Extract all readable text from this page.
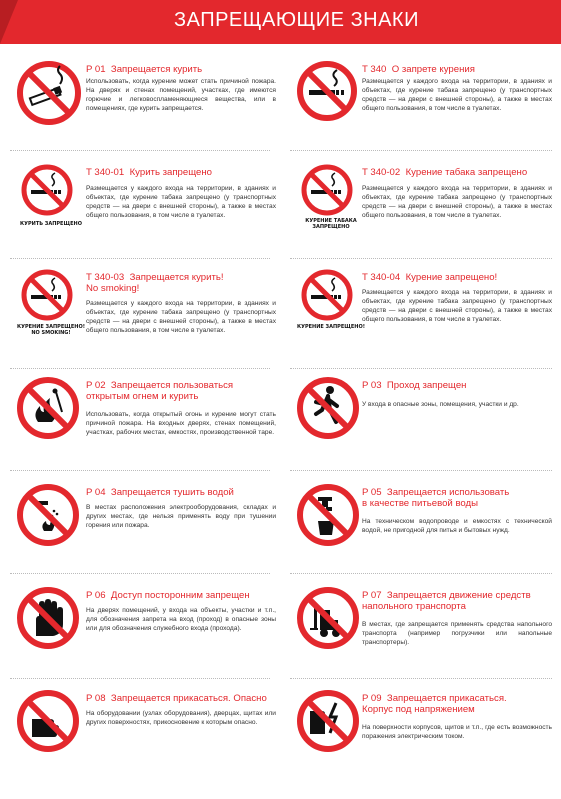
ЗАПРЕЩАЮЩИЕ ЗНАКИ
P 01 Запрещается курить
Использовать, когда курение может стать причиной пожара. На дверях и стенах помещений, участках, где имеются горючие и легковоспламеняющиеся вещества, или в помещениях, где курить запрещается.
T 340 О запрете курения
Размещается у каждого входа на территории, в зданиях и объектах, где курение табака запрещено (у транспортных средств — на двери с внешней стороны), а также в местах общего пользования, в том числе в туалетах.
КУРИТЬ ЗАПРЕЩЕНО
T 340-01 Курить запрещено
Размещается у каждого входа на территории, в зданиях и объектах, где курение табака запрещено (у транспортных средств — на двери с внешней стороны), а также в местах общего пользования, в том числе в туалетах.
КУРЕНИЕ ТАБАКА ЗАПРЕЩЕНО
T 340-02 Курение табака запрещено
Размещается у каждого входа на территории, в зданиях и объектах, где курение табака запрещено (у транспортных средств — на двери с внешней стороны), а также в местах общего пользования, в том числе в туалетах.
КУРЕНИЕ ЗАПРЕЩЕНО!
NO SMOKING!
T 340-03 Запрещается курить!
No smoking!
Размещается у каждого входа на территории, в зданиях и объектах, где курение табака запрещено (у транспортных средств — на двери с внешней стороны), а также в местах общего пользования, в том числе в туалетах.	КУРЕНИЕ ЗАПРЕЩЕНО!
T 340-04 Курение запрещено!
Размещается у каждого входа на территории, в зданиях и объектах, где курение табака запрещено (у транспортных средств — на двери с внешней стороны), а также в местах общего пользования, в том числе в туалетах.
P 02 Запрещается пользоваться
открытым огнем и курить
Использовать, когда открытый огонь и курение могут стать причиной пожара. На входных дверях, стенах помещений, участках, рабочих местах, емкостях, производственной таре.
P 03 Проход запрещен
У входа в опасные зоны, помещения, участки и др.
P 04 Запрещается тушить водой
В местах расположения электрооборудования, складах и других местах, где нельзя применять воду при тушении горения или пожара.
P 05 Запрещается использовать
в качестве питьевой воды
На техническом водопроводе и емкостях с технической водой, не пригодной для питья и бытовых нужд.
P 06 Доступ посторонним запрещен
На дверях помещений, у входа на объекты, участки и т.п., для обозначения запрета на вход (проход) в опасные зоны или для обозначения служебного входа (прохода).
P 07 Запрещается движение средств
напольного транспорта
В местах, где запрещается применять средства напольного транспорта (например погрузчики или напольные транспортеры).
P 08 Запрещается прикасаться. Опасно
На оборудовании (узлах оборудования), дверцах, щитах или других поверхностях, прикосновение к которым опасно.
P 09 Запрещается прикасаться.
Корпус под напряжением
На поверхности корпусов, щитов и т.п., где есть возможность поражения электрическим током.
